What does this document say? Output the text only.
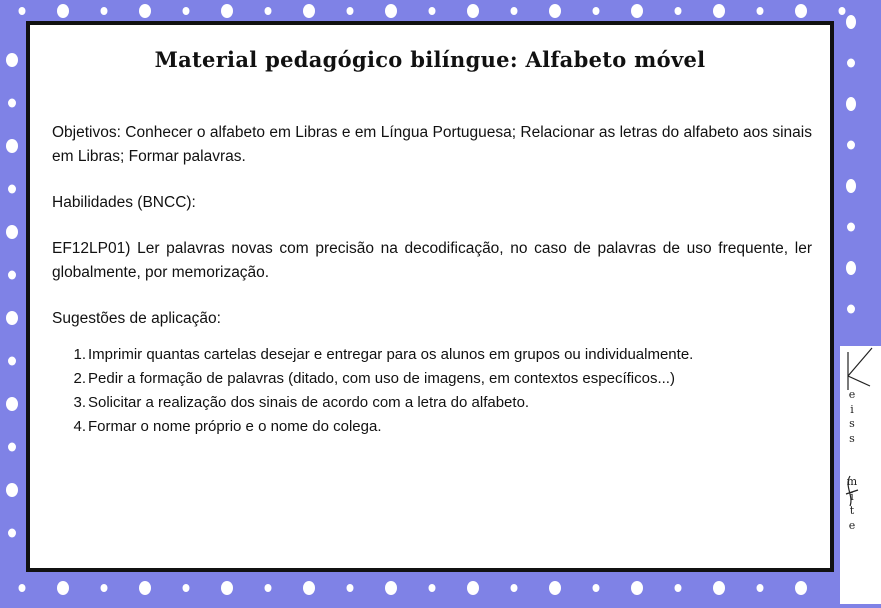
Material pedagógico bilíngue: Alfabeto móvel

Objetivos: Conhecer o alfabeto em Libras e em Língua Portuguesa; Relacionar as letras do alfabeto aos sinais em Libras; Formar palavras.

Habilidades (BNCC):

EF12LP01) Ler palavras novas com precisão na decodificação, no caso de palavras de uso frequente, ler globalmente, por memorização.

Sugestões de aplicação:

1. Imprimir quantas cartelas desejar e entregar para os alunos em grupos ou individualmente.
2. Pedir a formação de palavras (ditado, com uso de imagens, em contextos específicos...)
3. Solicitar a realização dos sinais de acordo com a letra do alfabeto.
4. Formar o nome próprio e o nome do colega.
e
i
s
s
m
i
t
e
